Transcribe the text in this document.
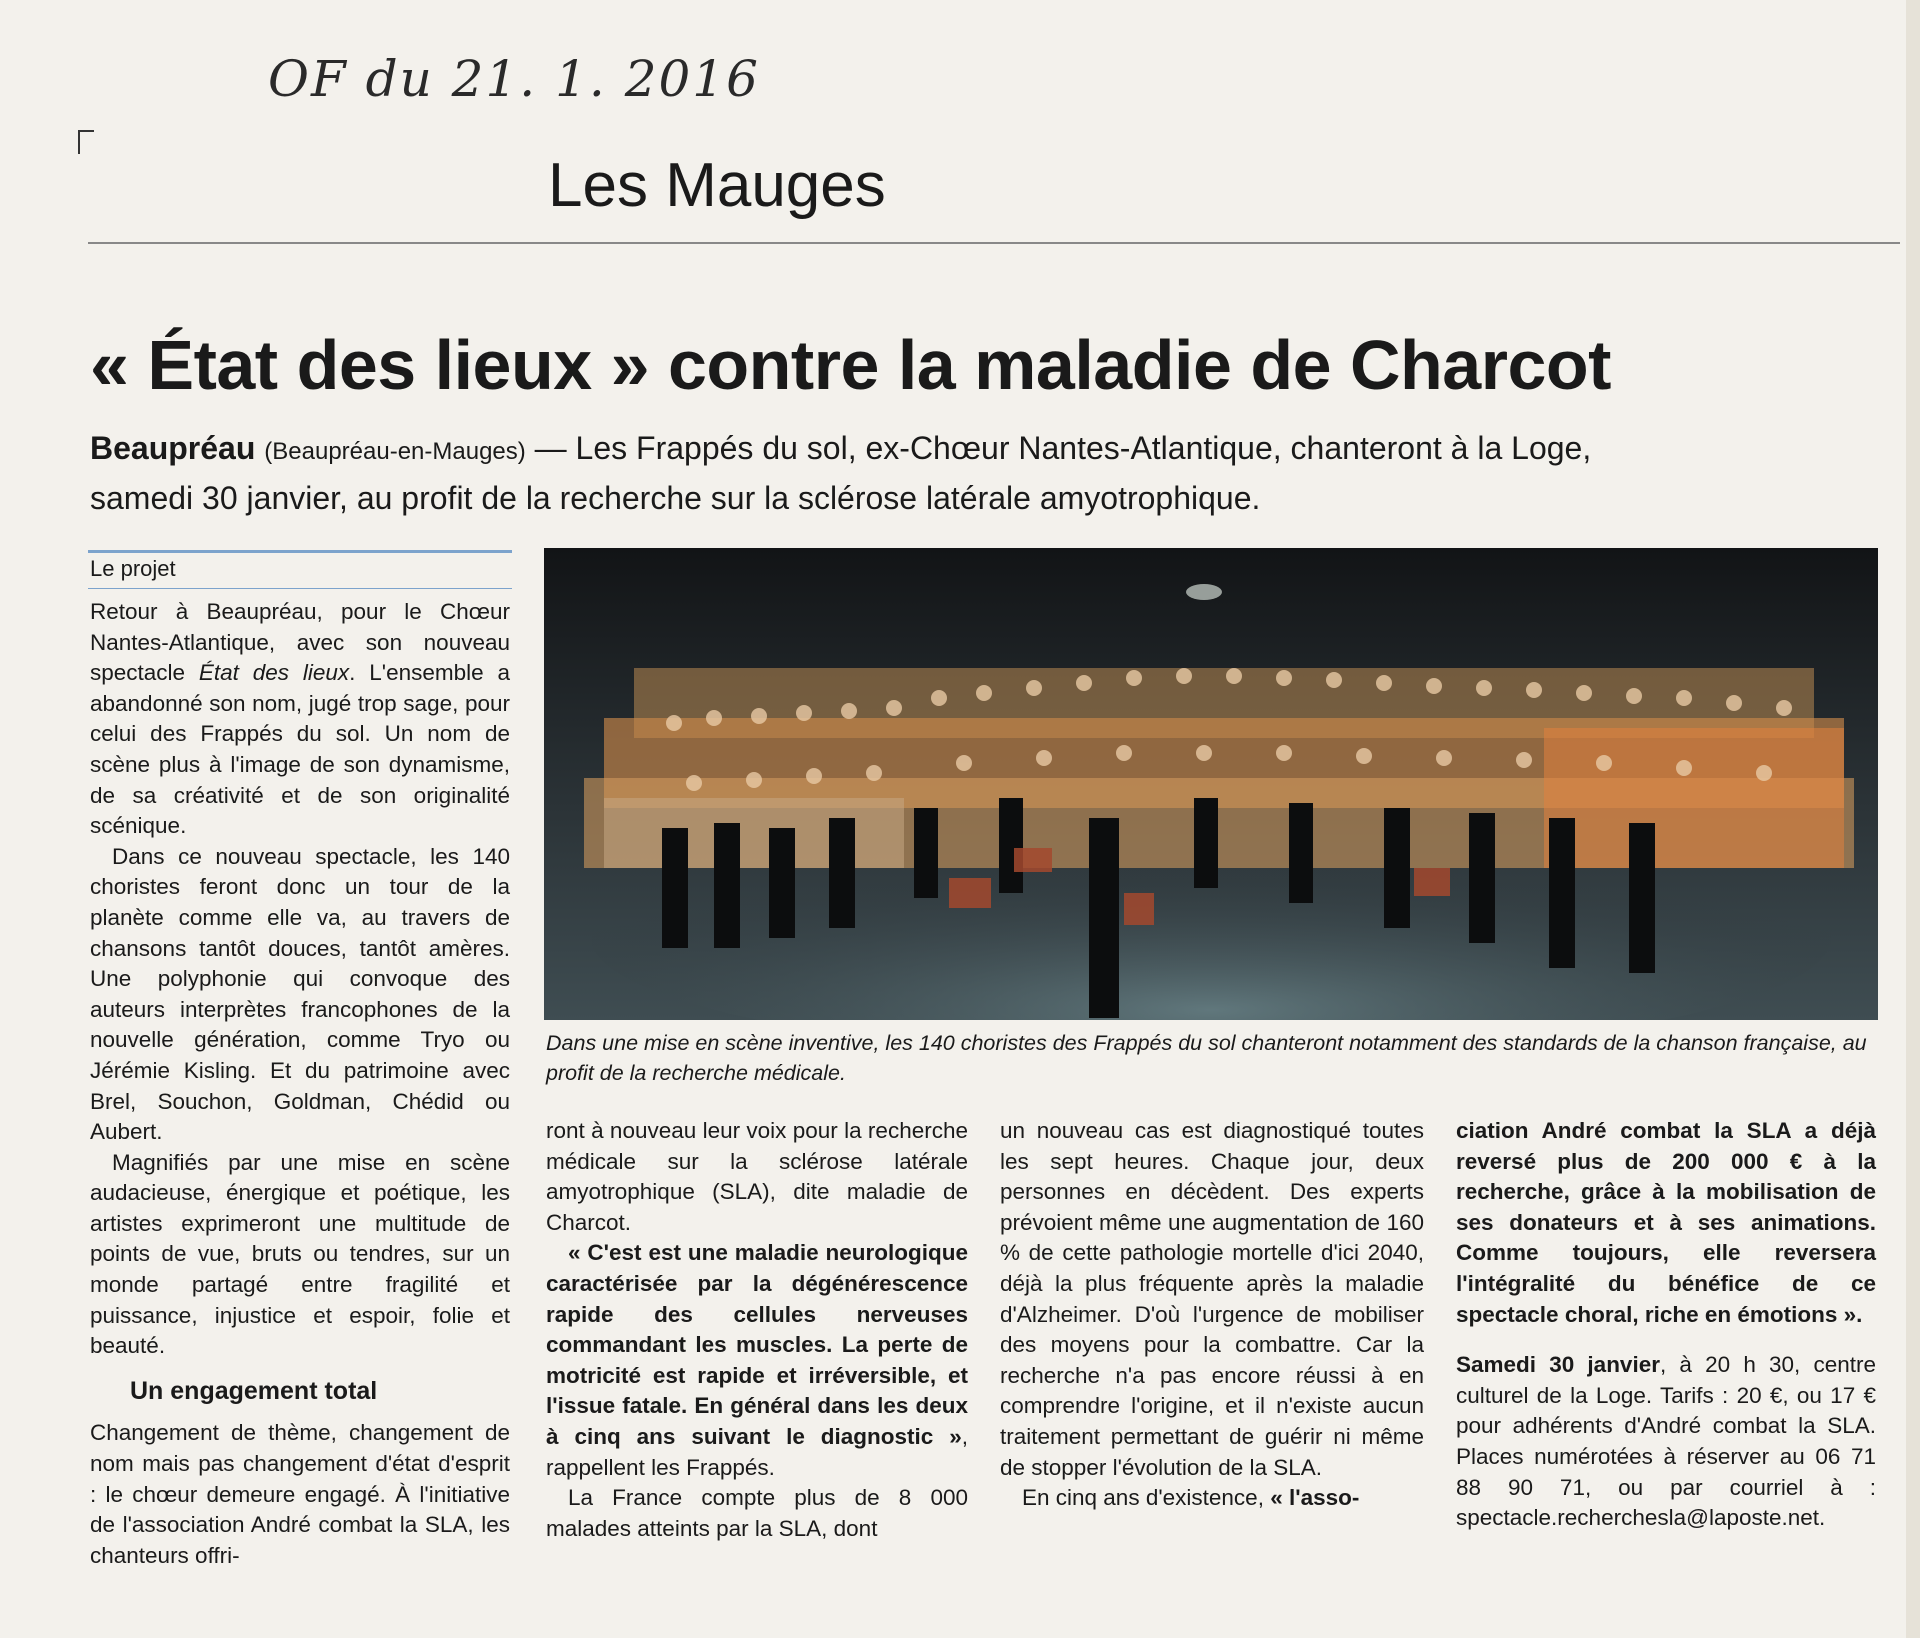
OF du 21. 1. 2016
Les Mauges
« État des lieux » contre la maladie de Charcot

Beaupréau (Beaupréau-en-Mauges) — Les Frappés du sol, ex-Chœur Nantes-Atlantique, chanteront à la Loge, samedi 30 janvier, au profit de la recherche sur la sclérose latérale amyotrophique.

Le projet

Retour à Beaupréau, pour le Chœur Nantes-Atlantique, avec son nouveau spectacle État des lieux. L'ensemble a abandonné son nom, jugé trop sage, pour celui des Frappés du sol. Un nom de scène plus à l'image de son dynamisme, de sa créativité et de son originalité scénique.

Dans ce nouveau spectacle, les 140 choristes feront donc un tour de la planète comme elle va, au travers de chansons tantôt douces, tantôt amères. Une polyphonie qui convoque des auteurs interprètes francophones de la nouvelle génération, comme Tryo ou Jérémie Kisling. Et du patrimoine avec Brel, Souchon, Goldman, Chédid ou Aubert.

Magnifiés par une mise en scène audacieuse, énergique et poétique, les artistes exprimeront une multitude de points de vue, bruts ou tendres, sur un monde partagé entre fragilité et puissance, injustice et espoir, folie et beauté.

Un engagement total

Changement de thème, changement de nom mais pas changement d'état d'esprit : le chœur demeure engagé. À l'initiative de l'association André combat la SLA, les chanteurs offri-

Dans une mise en scène inventive, les 140 choristes des Frappés du sol chanteront notamment des standards de la chanson française, au profit de la recherche médicale.

ront à nouveau leur voix pour la recherche médicale sur la sclérose latérale amyotrophique (SLA), dite maladie de Charcot.

« C'est est une maladie neurologique caractérisée par la dégénérescence rapide des cellules nerveuses commandant les muscles. La perte de motricité est rapide et irréversible, et l'issue fatale. En général dans les deux à cinq ans suivant le diagnostic », rappellent les Frappés.

La France compte plus de 8 000 malades atteints par la SLA, dont

un nouveau cas est diagnostiqué toutes les sept heures. Chaque jour, deux personnes en décèdent. Des experts prévoient même une augmentation de 160 % de cette pathologie mortelle d'ici 2040, déjà la plus fréquente après la maladie d'Alzheimer. D'où l'urgence de mobiliser des moyens pour la combattre. Car la recherche n'a pas encore réussi à en comprendre l'origine, et il n'existe aucun traitement permettant de guérir ni même de stopper l'évolution de la SLA.

En cinq ans d'existence, « l'asso-

ciation André combat la SLA a déjà reversé plus de 200 000 € à la recherche, grâce à la mobilisation de ses donateurs et à ses animations. Comme toujours, elle reversera l'intégralité du bénéfice de ce spectacle choral, riche en émotions ».

Samedi 30 janvier, à 20 h 30, centre culturel de la Loge. Tarifs : 20 €, ou 17 € pour adhérents d'André combat la SLA. Places numérotées à réserver au 06 71 88 90 71, ou par courriel à : spectacle.recherchesla@laposte.net.
